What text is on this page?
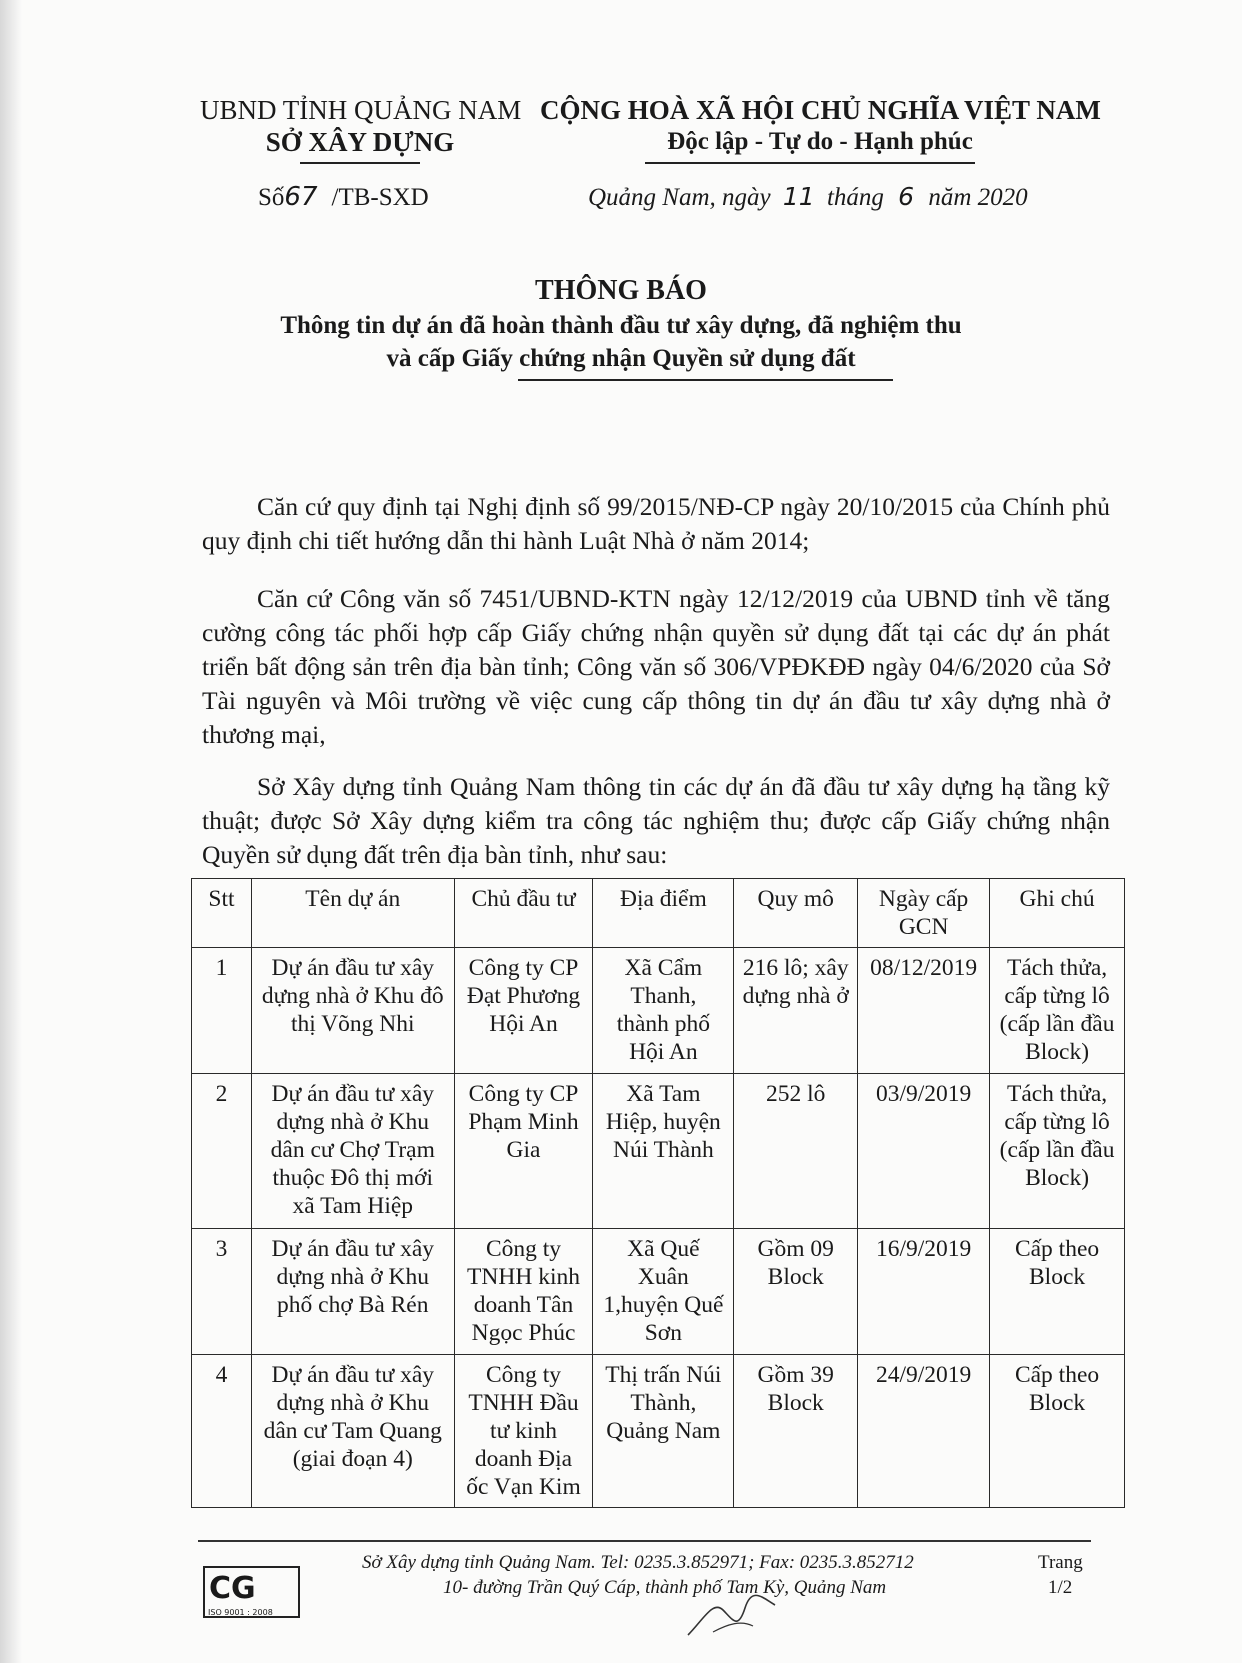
UBND TỈNH QUẢNG NAM
SỞ XÂY DỰNG
CỘNG HOÀ XÃ HỘI CHỦ NGHĨA VIỆT NAM
Độc lập - Tự do - Hạnh phúc
Số67 /TB-SXD	Quảng Nam, ngày 11 tháng 6 năm 2020
THÔNG BÁO
Thông tin dự án đã hoàn thành đầu tư xây dựng, đã nghiệm thu
và cấp Giấy chứng nhận Quyền sử dụng đất
Căn cứ quy định tại Nghị định số 99/2015/NĐ-CP ngày 20/10/2015 của Chính phủ quy định chi tiết hướng dẫn thi hành Luật Nhà ở năm 2014;
Căn cứ Công văn số 7451/UBND-KTN ngày 12/12/2019 của UBND tỉnh về tăng cường công tác phối hợp cấp Giấy chứng nhận quyền sử dụng đất tại các dự án phát triển bất động sản trên địa bàn tỉnh; Công văn số 306/VPĐKĐĐ ngày 04/6/2020 của Sở Tài nguyên và Môi trường về việc cung cấp thông tin dự án đầu tư xây dựng nhà ở thương mại,
Sở Xây dựng tỉnh Quảng Nam thông tin các dự án đã đầu tư xây dựng hạ tầng kỹ thuật; được Sở Xây dựng kiểm tra công tác nghiệm thu; được cấp Giấy chứng nhận Quyền sử dụng đất trên địa bàn tỉnh, như sau:
Stt	Tên dự án	Chủ đầu tư	Địa điểm	Quy mô	Ngày cấp GCN	Ghi chú
1	Dự án đầu tư xây dựng nhà ở Khu đô thị Võng Nhi	Công ty CP Đạt Phương Hội An	Xã Cẩm Thanh, thành phố Hội An	216 lô; xây dựng nhà ở	08/12/2019	Tách thửa, cấp từng lô (cấp lần đầu Block)
2	Dự án đầu tư xây dựng nhà ở Khu dân cư Chợ Trạm thuộc Đô thị mới xã Tam Hiệp	Công ty CP Phạm Minh Gia	Xã Tam Hiệp, huyện Núi Thành	252 lô	03/9/2019	Tách thửa, cấp từng lô (cấp lần đầu Block)
3	Dự án đầu tư xây dựng nhà ở Khu phố chợ Bà Rén	Công ty TNHH kinh doanh Tân Ngọc Phúc	Xã Quế Xuân 1,huyện Quế Sơn	Gồm 09 Block	16/9/2019	Cấp theo Block
4	Dự án đầu tư xây dựng nhà ở Khu dân cư Tam Quang (giai đoạn 4)	Công ty TNHH Đầu tư kinh doanh Địa ốc Vạn Kim	Thị trấn Núi Thành, Quảng Nam	Gồm 39 Block	24/9/2019	Cấp theo Block
CG
ISO 9001 : 2008
Sở Xây dựng tỉnh Quảng Nam. Tel: 0235.3.852971; Fax: 0235.3.852712
10- đường Trần Quý Cáp, thành phố Tam Kỳ, Quảng Nam
Trang
1/2
